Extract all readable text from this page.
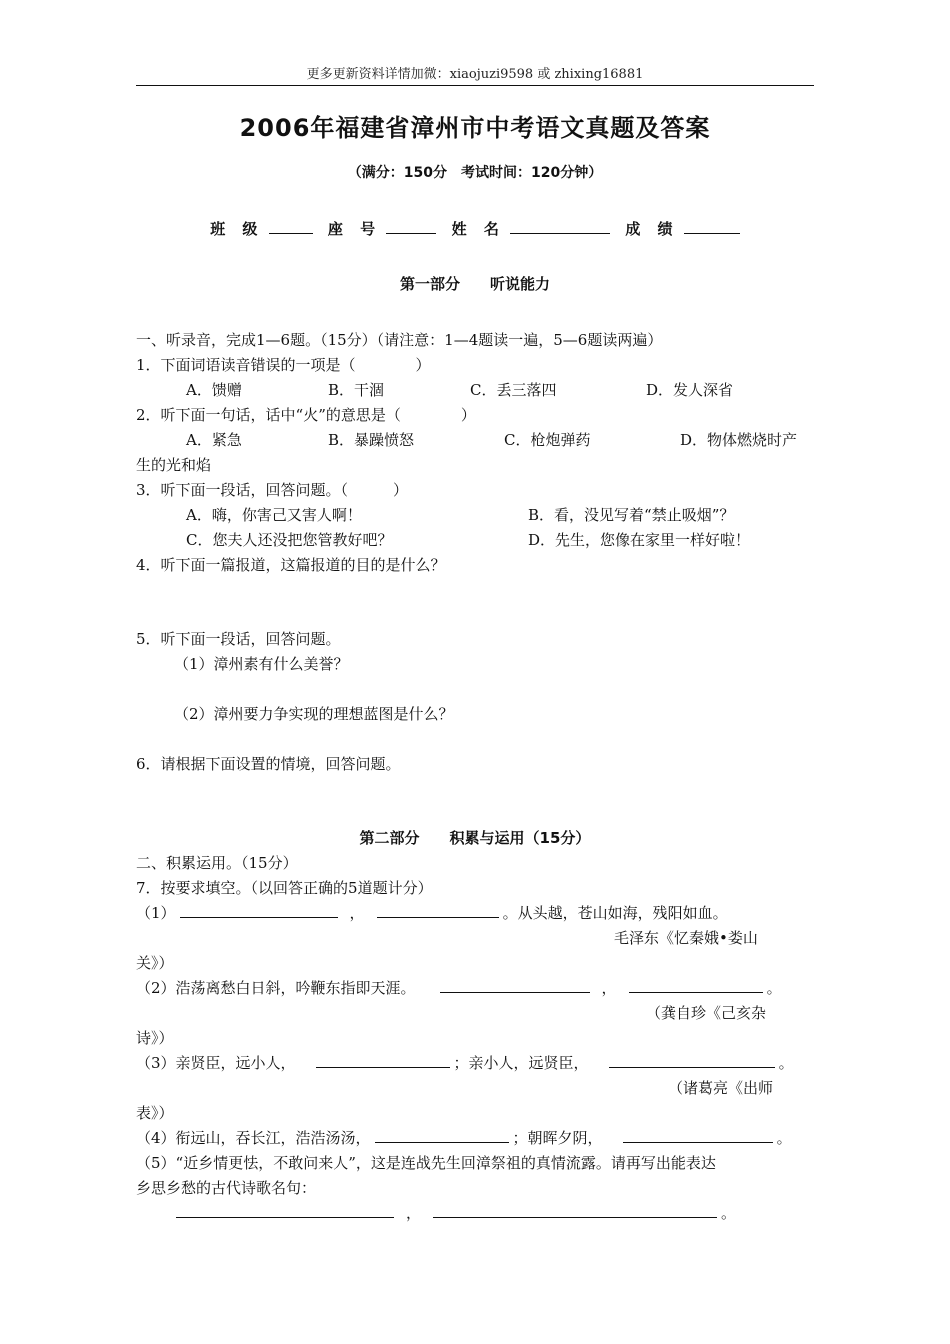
更多更新资料详情加微：xiaojuzi9598 或 zhixing16881
2006年福建省漳州市中考语文真题及答案
（满分：150分　考试时间：120分钟）
班 级	座 号	姓 名	成 绩
第一部分　　听说能力
一、听录音，完成1—6题。（15分）（请注意：1—4题读一遍，5—6题读两遍）
1．下面词语读音错误的一项是（　　　　）
A．馈赠	B．干涸	C．丢三落四	D．发人深省
2．听下面一句话，话中“火”的意思是（　　　　）
A．紧急	B．暴躁愤怒	C．枪炮弹药	D．物体燃烧时产
生的光和焰
3．听下面一段话，回答问题。（　　　）
A．嗨，你害己又害人啊！	B．看，没见写着“禁止吸烟”？
C．您夫人还没把您管教好吧？	D．先生，您像在家里一样好啦！
4．听下面一篇报道，这篇报道的目的是什么？
5．听下面一段话，回答问题。
（1）漳州素有什么美誉？
（2）漳州要力争实现的理想蓝图是什么？
6．请根据下面设置的情境，回答问题。
第二部分　　积累与运用（15分）
二、积累运用。（15分）
7．按要求填空。（以回答正确的5道题计分）
（1）	，	。从头越，苍山如海，残阳如血。
毛泽东《忆秦娥•娄山
关》）
（2）浩荡离愁白日斜，吟鞭东指即天涯。	，	。
（龚自珍《己亥杂
诗》）
（3）亲贤臣，远小人，	；亲小人，远贤臣，	。
（诸葛亮《出师
表》）
（4）衔远山，吞长江，浩浩汤汤，	；朝晖夕阴，	。
（5）“近乡情更怯，不敢问来人”，这是连战先生回漳祭祖的真情流露。请再写出能表达
乡思乡愁的古代诗歌名句：
，	。
